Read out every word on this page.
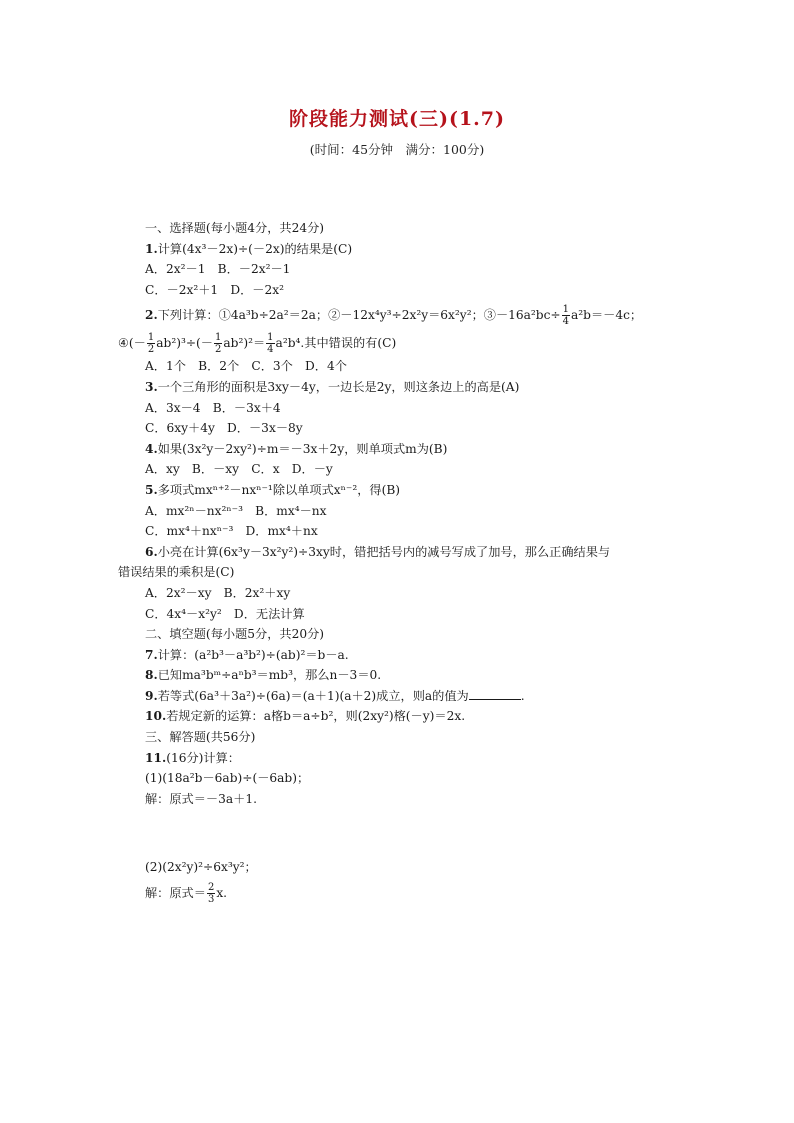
阶段能力测试(三)(1.7)
(时间：45分钟　满分：100分)

一、选择题(每小题4分，共24分)

1.计算(4x³－2x)÷(－2x)的结果是(C)

A．2x²－1　B．－2x²－1

C．－2x²＋1　D．－2x²

2.下列计算：①4a³b÷2a²＝2a；②－12x⁴y³÷2x²y＝6x²y²；③－16a²bc÷ $\frac{1}{4} a^2b=-4c$；

④(－ $\frac{1}{2} ab^2)^3\div(- \frac{1}{2} ab^2)^2= \frac{1}{4} a^2b^4$.其中错误的有(C)

A．1个　B．2个　C．3个　D．4个

3.一个三角形的面积是3xy－4y，一边长是2y，则这条边上的高是(A)

A．3x－4　B．－3x＋4

C．6xy＋4y　D．－3x－8y

4.如果(3x²y－2xy²)÷m＝－3x＋2y，则单项式m为(B)

A．xy　B．－xy　C．x　D．－y

5.多项式mxⁿ⁺²－nxⁿ⁻¹除以单项式xⁿ⁻²，得(B)

A．mx²ⁿ－nx²ⁿ⁻³　B．mx⁴－nx

C．mx⁴＋nxⁿ⁻³　D．mx⁴＋nx

6.小亮在计算(6x³y－3x²y²)÷3xy时，错把括号内的减号写成了加号，那么正确结果与

错误结果的乘积是(C)

A．2x²－xy　B．2x²＋xy

C．4x⁴－x²y²　D．无法计算

二、填空题(每小题5分，共20分)

7.计算：(a²b³－a³b²)÷(ab)²＝b－a.

8.已知ma³bᵐ÷aⁿb³＝mb³，那么n－3＝0.

9.若等式(6a³＋3a²)÷(6a)＝(a＋1)(a＋2)成立，则a的值为	.

10.若规定新的运算：a楁b＝a÷b²，则(2xy²)楁(－y)＝2x.

三、解答题(共56分)

11.(16分)计算：

(1)(18a²b－6ab)÷(－6ab)；

解：原式＝－3a＋1.

(2)(2x²y)²÷6x³y²；

解：原式＝ $\frac{2}{3} x$.
